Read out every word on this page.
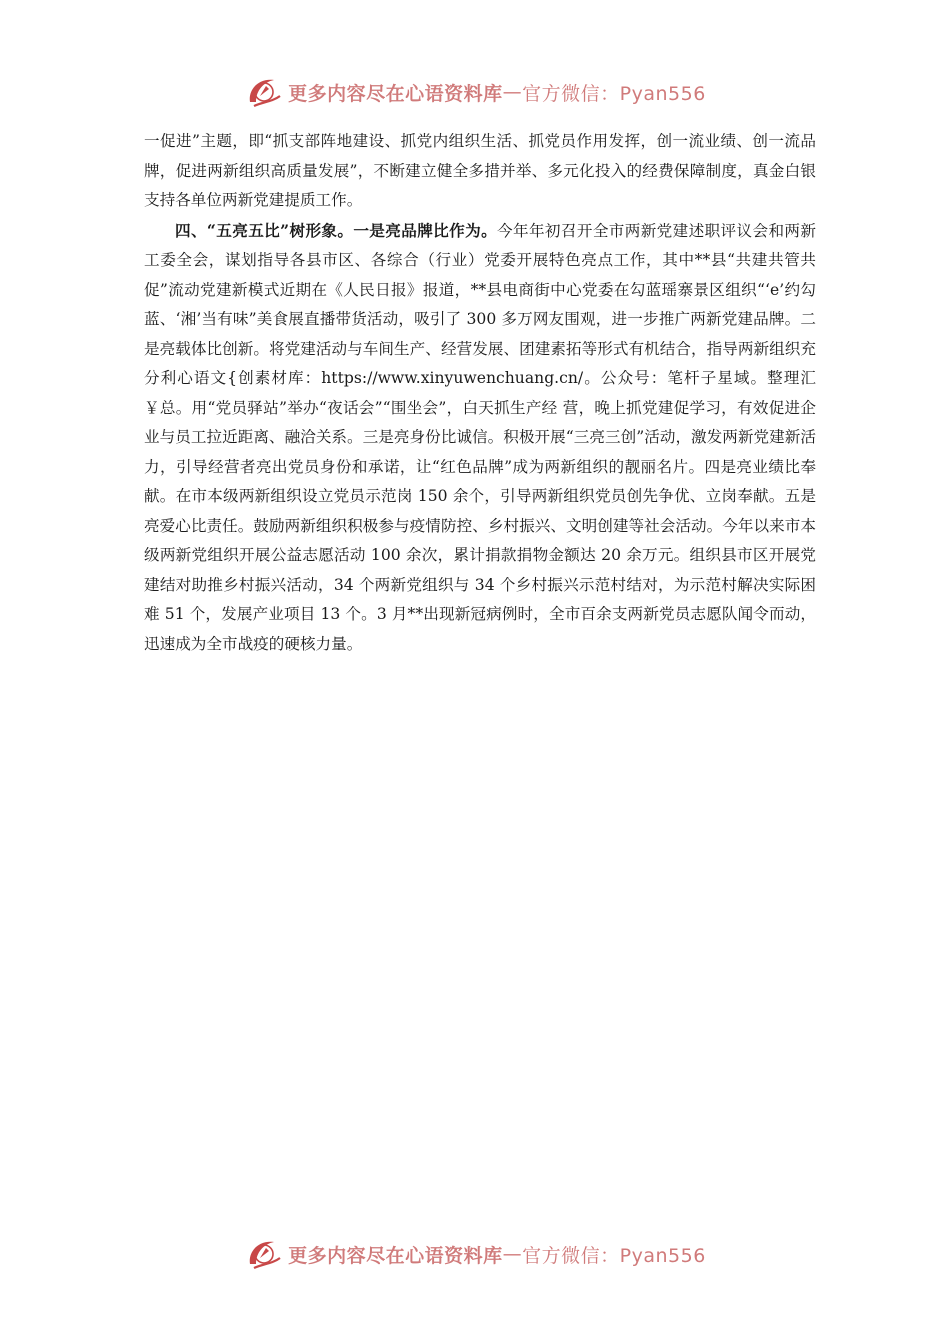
更多内容尽在心语资料库 — 官方微信：Pyan556

一促进”主题，即“抓支部阵地建设、抓党内组织生活、抓党员作用发挥，创一流业绩、创一流品牌，促进两新组织高质量发展”，不断建立健全多措并举、多元化投入的经费保障制度，真金白银支持各单位两新党建提质工作。

四、“五亮五比”树形象。一是亮品牌比作为。今年年初召开全市两新党建述职评议会和两新工委全会，谋划指导各县市区、各综合（行业）党委开展特色亮点工作，其中**县“共建共管共促”流动党建新模式近期在《人民日报》报道，**县电商街中心党委在勾蓝瑶寨景区组织“‘e’约勾蓝、‘湘’当有味”美食展直播带货活动，吸引了 300 多万网友围观，进一步推广两新党建品牌。二是亮载体比创新。将党建活动与车间生产、经营发展、团建素拓等形式有机结合，指导两新组织充分利心语文{创素材库：https://www.xinyuwenchuang.cn/。公众号：笔杆子星域。整理汇￥总。用“党员驿站”举办“夜话会”“围坐会”，白天抓生产经 营，晚上抓党建促学习，有效促进企业与员工拉近距离、融洽关系。三是亮身份比诚信。积极开展“三亮三创”活动，激发两新党建新活力，引导经营者亮出党员身份和承诺，让“红色品牌”成为两新组织的靓丽名片。四是亮业绩比奉献。在市本级两新组织设立党员示范岗 150 余个，引导两新组织党员创先争优、立岗奉献。五是亮爱心比责任。鼓励两新组织积极参与疫情防控、乡村振兴、文明创建等社会活动。今年以来市本级两新党组织开展公益志愿活动 100 余次，累计捐款捐物金额达 20 余万元。组织县市区开展党建结对助推乡村振兴活动，34 个两新党组织与 34 个乡村振兴示范村结对，为示范村解决实际困难 51 个，发展产业项目 13 个。3 月**出现新冠病例时，全市百余支两新党员志愿队闻令而动，迅速成为全市战疫的硬核力量。

更多内容尽在心语资料库 — 官方微信：Pyan556
